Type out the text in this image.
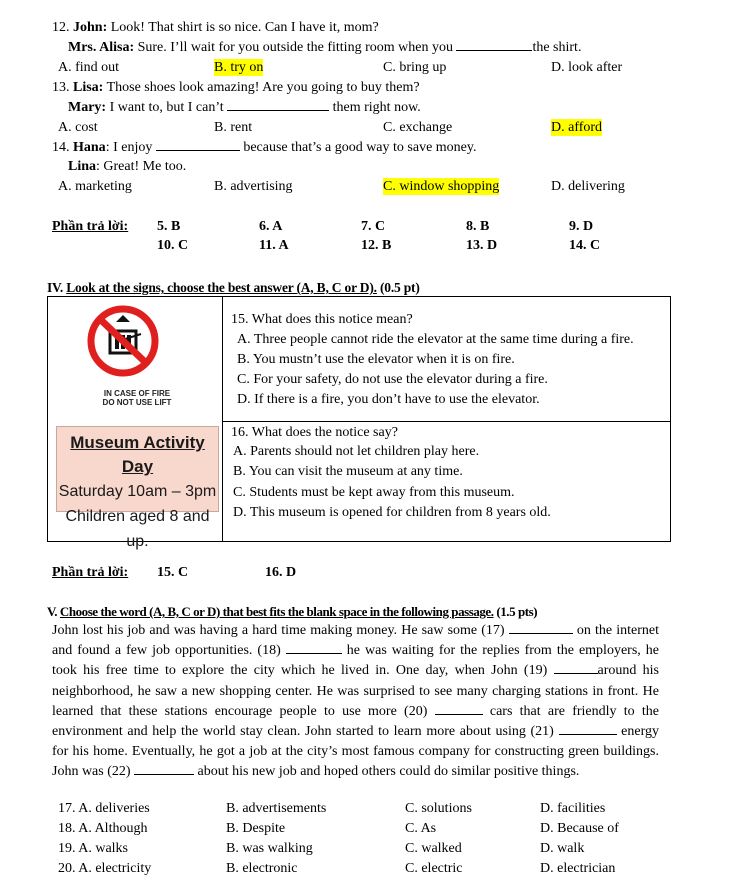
12. John: Look! That shirt is so nice. Can I have it, mom?
Mrs. Alisa: Sure. I’ll wait for you outside the fitting room when you	the shirt.
A. find out	B. try on	C. bring up	D. look after
13. Lisa: Those shoes look amazing! Are you going to buy them?
Mary: I want to, but I can’t	them right now.
A. cost	B. rent	C. exchange	D. afford
14. Hana: I enjoy	because that’s a good way to save money.
Lina: Great! Me too.
A. marketing	B. advertising	C. window shopping	D. delivering
Phần trả lời: 5. B	6. A	7. C	8. B	9. D
10. C	11. A	12. B	13. D	14. C
IV. Look at the signs, choose the best answer (A, B, C or D). (0.5 pt)
IN CASE OF FIRE
DO NOT USE LIFT
15. What does this notice mean?
A. Three people cannot ride the elevator at the same time during a fire.
B. You mustn’t use the elevator when it is on fire.
C. For your safety, do not use the elevator during a fire.
D. If there is a fire, you don’t have to use the elevator.
Museum Activity Day
Saturday 10am – 3pm
Children aged 8 and up.
16. What does the notice say?
A. Parents should not let children play here.
B. You can visit the museum at any time.
C. Students must be kept away from this museum.
D. This museum is opened for children from 8 years old.
Phần trả lời: 15. C	16. D
V. Choose the word (A, B, C or D) that best fits the blank space in the following passage. (1.5 pts)
John lost his job and was having a hard time making money. He saw some (17)	on the internet and found a few job opportunities. (18)	he was waiting for the replies from the employers, he took his free time to explore the city which he lived in. One day, when John (19)	around his neighborhood, he saw a new shopping center. He was surprised to see many charging stations in front. He learned that these stations encourage people to use more (20)	cars that are friendly to the environment and help the world stay clean. John started to learn more about using (21)	energy for his home. Eventually, he got a job at the city’s most famous company for constructing green buildings. John was (22)	about his new job and hoped others could do similar positive things.
17. A. deliveries	B. advertisements	C. solutions	D. facilities
18. A. Although	B. Despite	C. As	D. Because of
19. A. walks	B. was walking	C. walked	D. walk
20. A. electricity	B. electronic	C. electric	D. electrician
